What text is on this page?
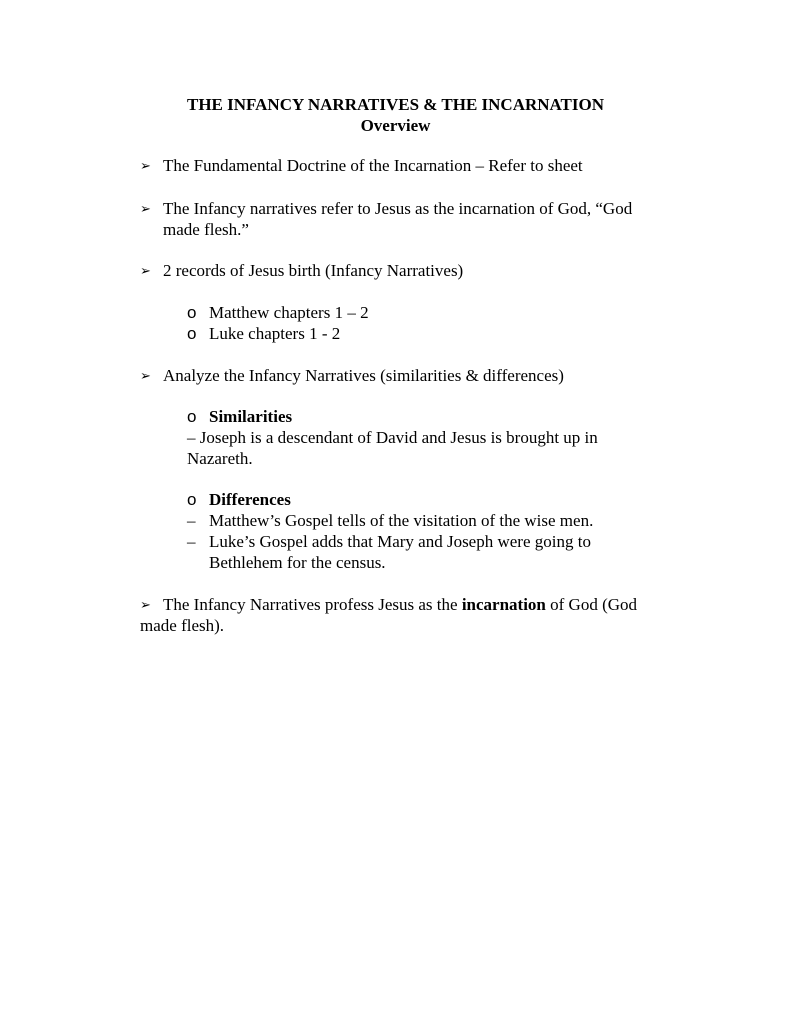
THE INFANCY NARRATIVES & THE INCARNATION
Overview
➢ The Fundamental Doctrine of the Incarnation – Refer to sheet
➢ The Infancy narratives refer to Jesus as the incarnation of God, “God
made flesh.”
➢ 2 records of Jesus birth (Infancy Narratives)
o Matthew chapters 1 – 2
o Luke chapters 1 - 2
➢ Analyze the Infancy Narratives (similarities & differences)
o Similarities
– Joseph is a descendant of David and Jesus is brought up in
Nazareth.
o Differences
– Matthew’s Gospel tells of the visitation of the wise men.
– Luke’s Gospel adds that Mary and Joseph were going to
Bethlehem for the census.
➢ The Infancy Narratives profess Jesus as the incarnation of God (God
made flesh).
